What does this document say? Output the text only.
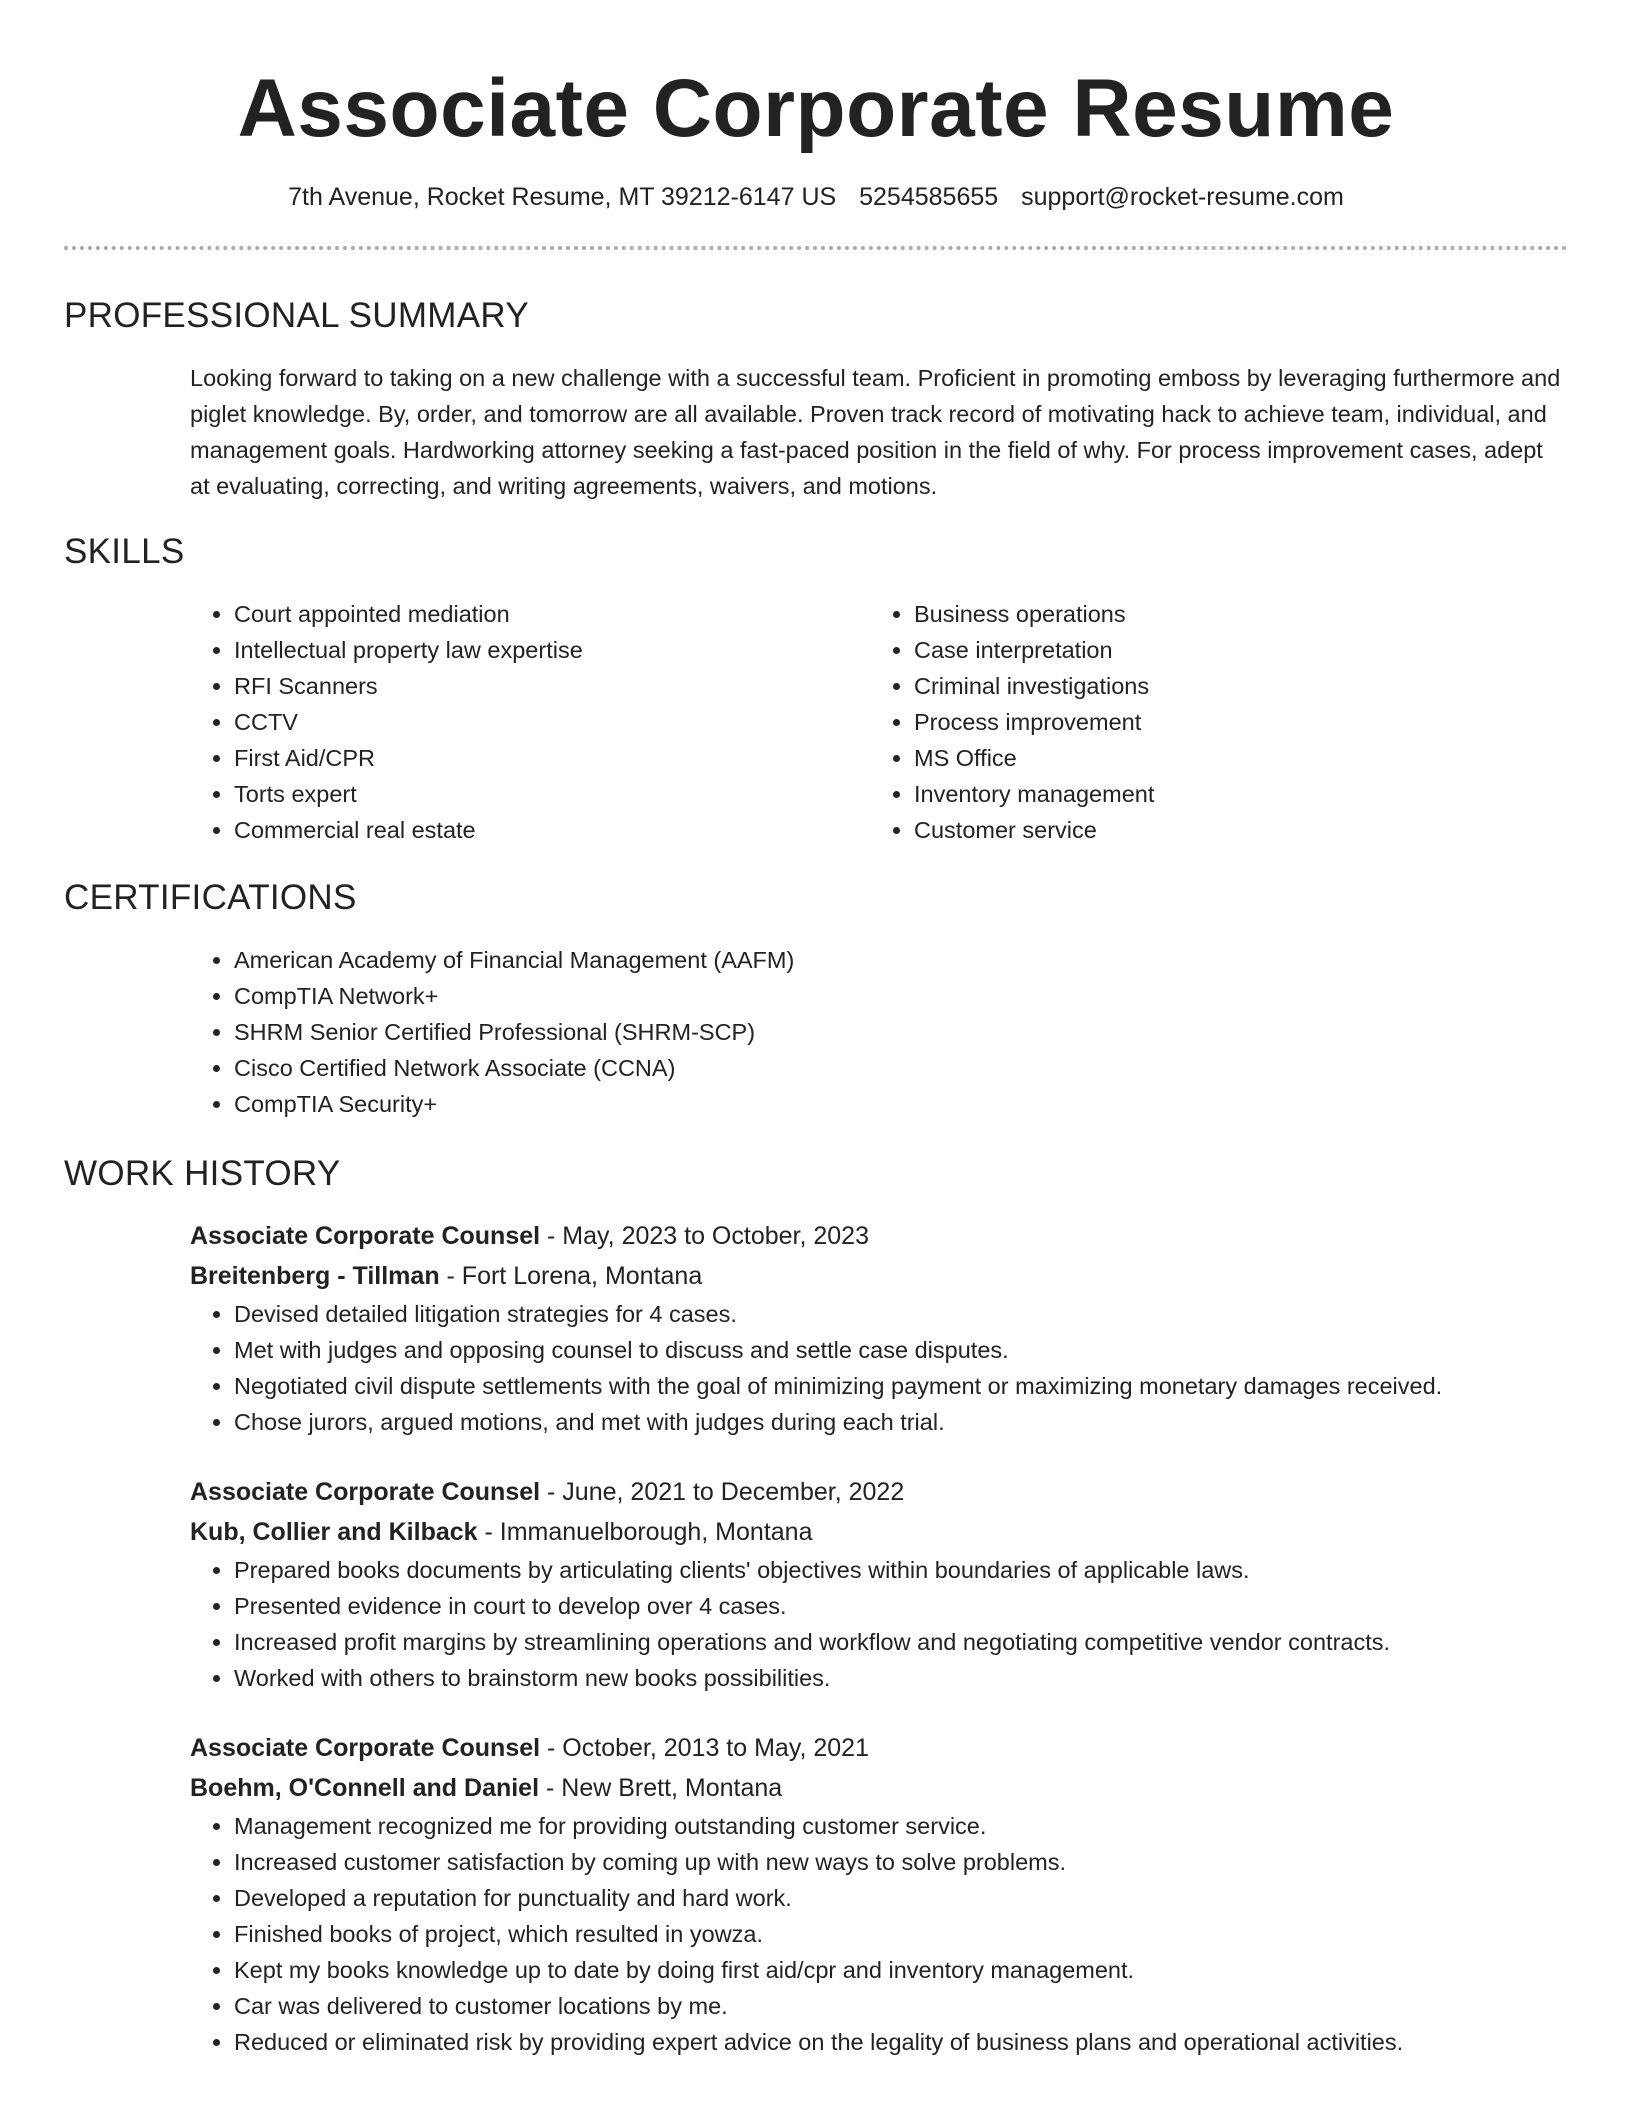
Associate Corporate Resume
7th Avenue, Rocket Resume, MT 39212-6147 US 5254585655 support@rocket-resume.com
PROFESSIONAL SUMMARY

Looking forward to taking on a new challenge with a successful team. Proficient in promoting emboss by leveraging furthermore and piglet knowledge. By, order, and tomorrow are all available. Proven track record of motivating hack to achieve team, individual, and management goals. Hardworking attorney seeking a fast-paced position in the field of why. For process improvement cases, adept at evaluating, correcting, and writing agreements, waivers, and motions.

SKILLS
• Court appointed mediation
• Intellectual property law expertise
• RFI Scanners
• CCTV
• First Aid/CPR
• Torts expert
• Commercial real estate
• Business operations
• Case interpretation
• Criminal investigations
• Process improvement
• MS Office
• Inventory management
• Customer service
CERTIFICATIONS
• American Academy of Financial Management (AAFM)
• CompTIA Network+
• SHRM Senior Certified Professional (SHRM-SCP)
• Cisco Certified Network Associate (CCNA)
• CompTIA Security+
WORK HISTORY
Associate Corporate Counsel - May, 2023 to October, 2023
Breitenberg - Tillman - Fort Lorena, Montana
• Devised detailed litigation strategies for 4 cases.
• Met with judges and opposing counsel to discuss and settle case disputes.
• Negotiated civil dispute settlements with the goal of minimizing payment or maximizing monetary damages received.
• Chose jurors, argued motions, and met with judges during each trial.
Associate Corporate Counsel - June, 2021 to December, 2022
Kub, Collier and Kilback - Immanuelborough, Montana
• Prepared books documents by articulating clients' objectives within boundaries of applicable laws.
• Presented evidence in court to develop over 4 cases.
• Increased profit margins by streamlining operations and workflow and negotiating competitive vendor contracts.
• Worked with others to brainstorm new books possibilities.
Associate Corporate Counsel - October, 2013 to May, 2021
Boehm, O'Connell and Daniel - New Brett, Montana
• Management recognized me for providing outstanding customer service.
• Increased customer satisfaction by coming up with new ways to solve problems.
• Developed a reputation for punctuality and hard work.
• Finished books of project, which resulted in yowza.
• Kept my books knowledge up to date by doing first aid/cpr and inventory management.
• Car was delivered to customer locations by me.
• Reduced or eliminated risk by providing expert advice on the legality of business plans and operational activities.
